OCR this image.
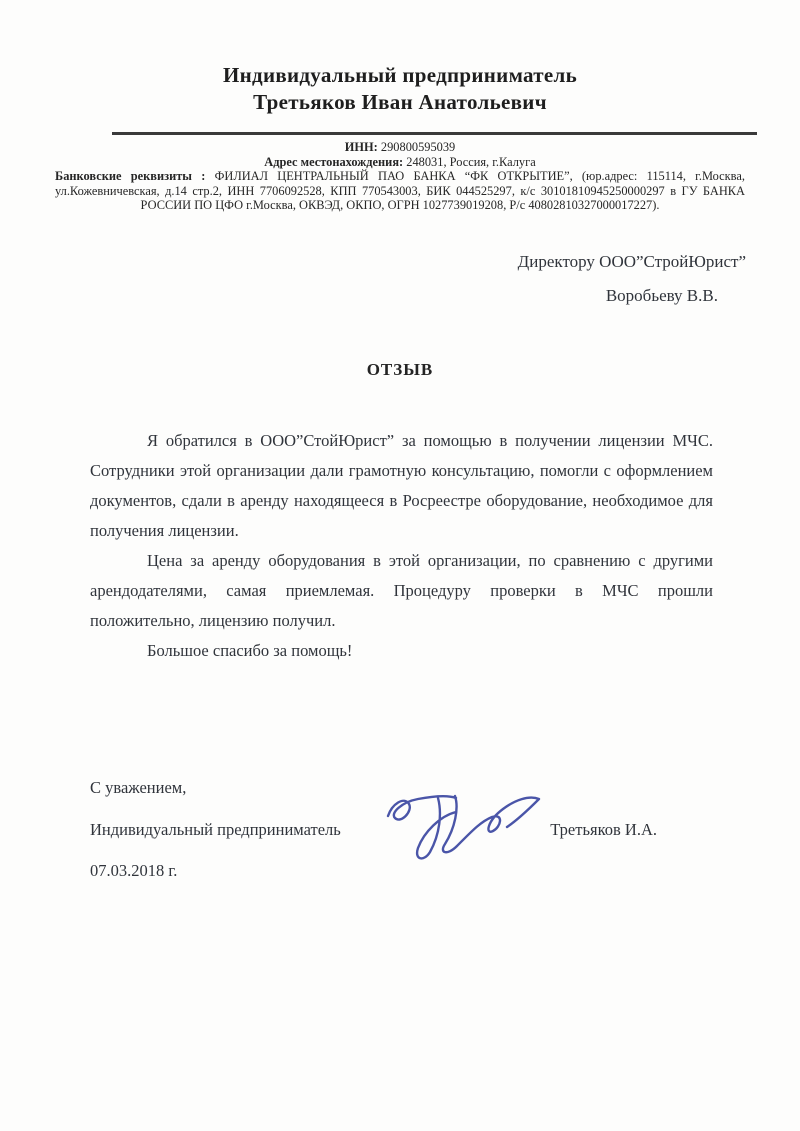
Индивидуальный предприниматель
Третьяков Иван Анатольевич
ИНН: 290800595039
Адрес местонахождения: 248031, Россия, г.Калуга
Банковские реквизиты : ФИЛИАЛ ЦЕНТРАЛЬНЫЙ ПАО БАНКА “ФК ОТКРЫТИЕ”, (юр.адрес: 115114, г.Москва, ул.Кожевничевская, д.14 стр.2, ИНН 7706092528, КПП 770543003, БИК 044525297, к/с 30101810945250000297 в ГУ БАНКА РОССИИ ПО ЦФО г.Москва, ОКВЭД, ОКПО, ОГРН 1027739019208, Р/с 40802810327000017227).
Директору ООО”СтройЮрист”
Воробьеву В.В.
ОТЗЫВ

Я обратился в ООО”СтойЮрист” за помощью в получении лицензии МЧС. Сотрудники этой организации дали грамотную консультацию, помогли с оформлением документов, сдали в аренду находящееся в Росреестре оборудование, необходимое для получения лицензии.

Цена за аренду оборудования в этой организации, по сравнению с другими арендодателями, самая приемлемая. Процедуру проверки в МЧС прошли положительно, лицензию получил.

Большое спасибо за помощь!

С уважением,
Индивидуальный предприниматель	Третьяков И.А.
07.03.2018 г.
